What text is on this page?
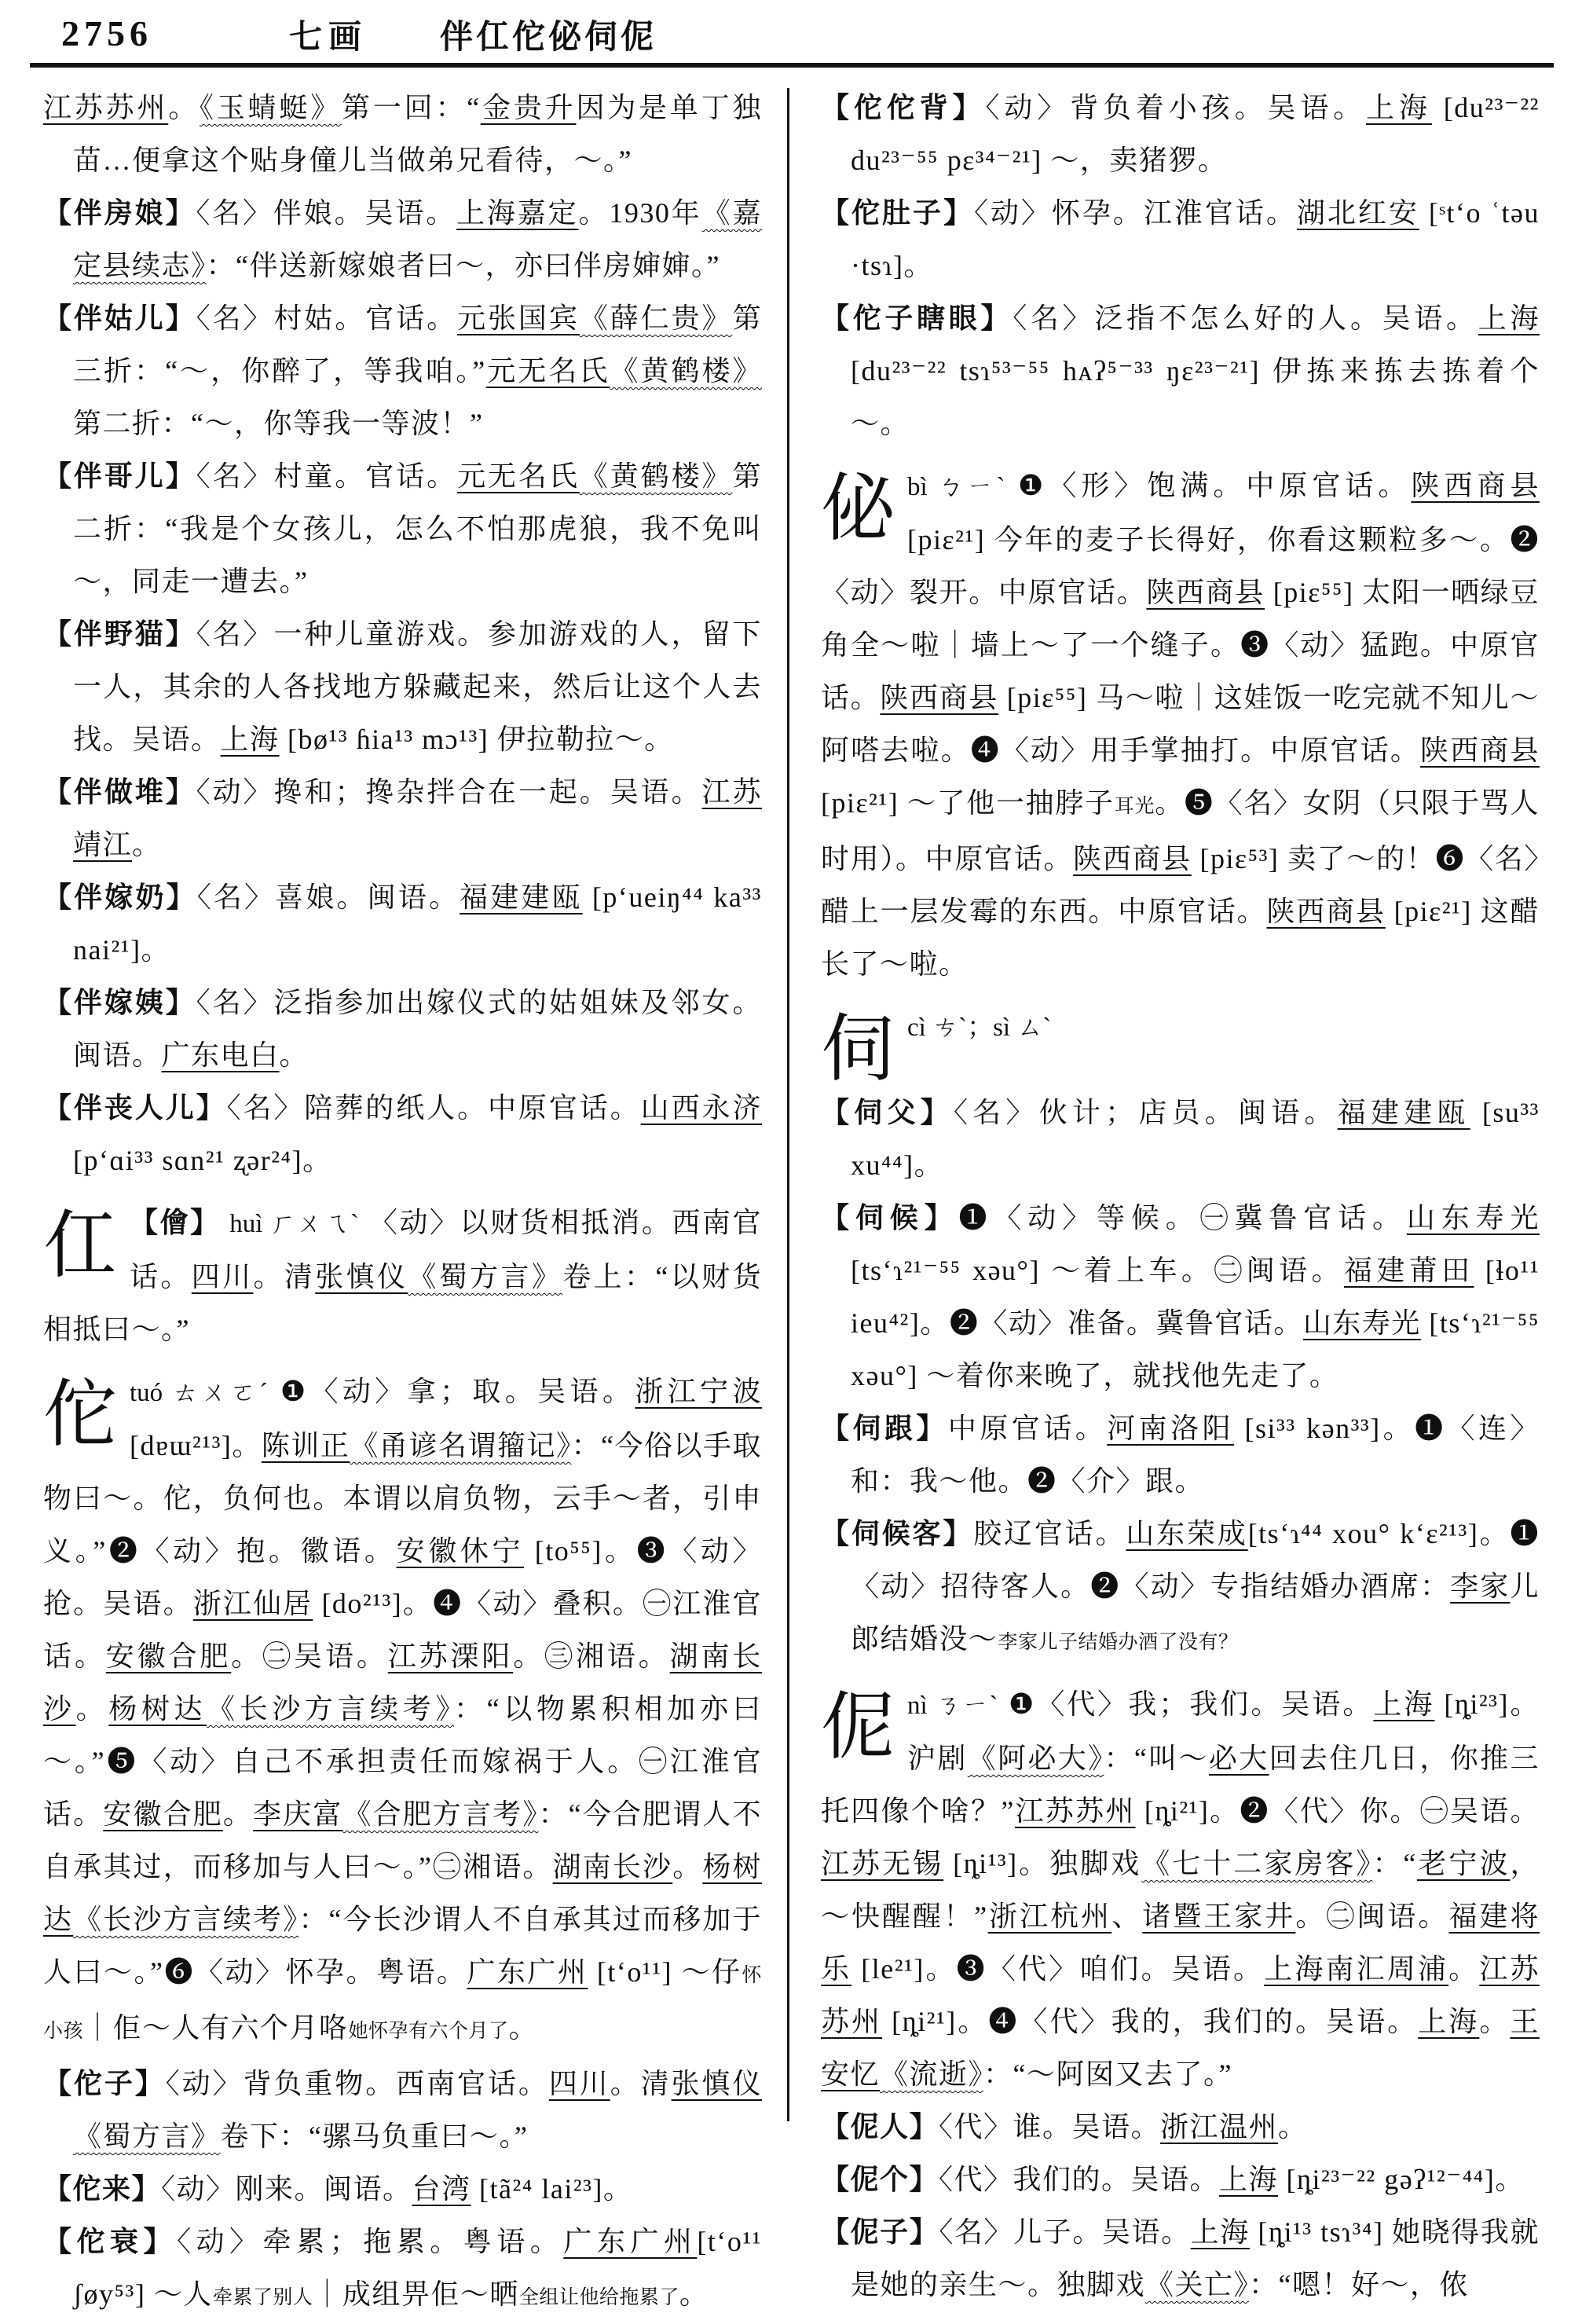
2756	七画 伴仜佗佖伺伲

江苏苏州。《玉蜻蜓》第一回：“金贵升因为是单丁独苗…便拿这个贴身僮儿当做弟兄看待，～。”

【伴房娘】〈名〉伴娘。吴语。上海嘉定。1930年《嘉定县续志》：“伴送新嫁娘者曰～，亦曰伴房婶婶。”

【伴姑儿】〈名〉村姑。官话。元张国宾《薛仁贵》第三折：“～，你醉了，等我咱。”元无名氏《黄鹤楼》第二折：“～，你等我一等波！”

【伴哥儿】〈名〉村童。官话。元无名氏《黄鹤楼》第二折：“我是个女孩儿，怎么不怕那虎狼，我不免叫～，同走一遭去。”

【伴野猫】〈名〉一种儿童游戏。参加游戏的人，留下一人，其余的人各找地方躲藏起来，然后让这个人去找。吴语。上海 [bø¹³ ɦia¹³ mɔ¹³] 伊拉勒拉～。

【伴做堆】〈动〉搀和；搀杂拌合在一起。吴语。江苏靖江。

【伴嫁奶】〈名〉喜娘。闽语。福建建瓯 [pʻueiŋ⁴⁴ ka³³ nai²¹]。

【伴嫁姨】〈名〉泛指参加出嫁仪式的姑姐妹及邻女。闽语。广东电白。

【伴丧人儿】〈名〉陪葬的纸人。中原官话。山西永济 [pʻɑi³³ sɑn²¹ ʐər²⁴]。

仜 【儈】 huì ㄏㄨㄟˋ 〈动〉以财货相抵消。西南官话。四川。清张慎仪《蜀方言》卷上：“以财货相抵曰～。”

佗tuó ㄊㄨㄛˊ ❶〈动〉拿；取。吴语。浙江宁波[dɐɯ²¹³]。陈训正《甬谚名谓籀记》：“今俗以手取物曰～。佗，负何也。本谓以肩负物，云手～者，引申义。”❷〈动〉抱。徽语。安徽休宁 [to⁵⁵]。❸〈动〉抢。吴语。浙江仙居 [do²¹³]。❹〈动〉叠积。㊀江淮官话。安徽合肥。㊁吴语。江苏溧阳。㊂湘语。湖南长沙。杨树达《长沙方言续考》：“以物累积相加亦曰～。”❺〈动〉自己不承担责任而嫁祸于人。㊀江淮官话。安徽合肥。李庆富《合肥方言考》：“今合肥谓人不自承其过，而移加与人曰～。”㊁湘语。湖南长沙。杨树达《长沙方言续考》：“今长沙谓人不自承其过而移加于人曰～。”❻〈动〉怀孕。粤语。广东广州 [tʻo¹¹] ～仔怀小孩｜佢～人有六个月咯她怀孕有六个月了。

【佗子】〈动〉背负重物。西南官话。四川。清张慎仪《蜀方言》卷下：“骡马负重曰～。”

【佗来】〈动〉刚来。闽语。台湾 [tã²⁴ lai²³]。

【佗衰】〈动〉牵累；拖累。粤语。广东广州[tʻo¹¹ ʃøy⁵³] ～人牵累了别人｜成组畀佢～晒全组让他给拖累了。

【佗佗背】〈动〉背负着小孩。吴语。上海 [du²³⁻²² du²³⁻⁵⁵ pɛ³⁴⁻²¹] ～，卖猪猡。

【佗肚子】〈动〉怀孕。江淮官话。湖北红安 [ˢtʻo ʿtəu ·tsɿ]。

【佗子瞎眼】〈名〉泛指不怎么好的人。吴语。上海 [du²³⁻²² tsɿ⁵³⁻⁵⁵ hᴀʔ⁵⁻³³ ŋɛ²³⁻²¹] 伊拣来拣去拣着个～。

佖bì ㄅㄧˋ ❶〈形〉饱满。中原官话。陕西商县 [piɛ²¹] 今年的麦子长得好，你看这颗粒多～。❷〈动〉裂开。中原官话。陕西商县 [piɛ⁵⁵] 太阳一晒绿豆角全～啦｜墙上～了一个缝子。❸〈动〉猛跑。中原官话。陕西商县 [piɛ⁵⁵] 马～啦｜这娃饭一吃完就不知儿～阿嗒去啦。❹〈动〉用手掌抽打。中原官话。陕西商县 [piɛ²¹] ～了他一抽脖子耳光。❺〈名〉女阴（只限于骂人时用）。中原官话。陕西商县 [piɛ⁵³] 卖了～的！❻〈名〉醋上一层发霉的东西。中原官话。陕西商县 [piɛ²¹] 这醋长了～啦。

伺cì ㄘˋ；sì ㄙˋ

【伺父】〈名〉伙计；店员。闽语。福建建瓯 [su³³ xu⁴⁴]。

【伺候】❶〈动〉等候。㊀冀鲁官话。山东寿光[tsʻɿ²¹⁻⁵⁵ xəu°] ～着上车。㊁闽语。福建莆田 [ɬo¹¹ ieu⁴²]。❷〈动〉准备。冀鲁官话。山东寿光 [tsʻɿ²¹⁻⁵⁵ xəu°] ～着你来晚了，就找他先走了。

【伺跟】中原官话。河南洛阳 [si³³ kən³³]。❶〈连〉和：我～他。❷〈介〉跟。

【伺候客】胶辽官话。山东荣成[tsʻɿ⁴⁴ xou° kʻɛ²¹³]。❶〈动〉招待客人。❷〈动〉专指结婚办酒席：李家儿郎结婚没～李家儿子结婚办酒了没有？

伲nì ㄋㄧˋ ❶〈代〉我；我们。吴语。上海 [ȵi²³]。沪剧《阿必大》：“叫～必大回去住几日，你推三托四像个啥？”江苏苏州 [ȵi²¹]。❷〈代〉你。㊀吴语。江苏无锡 [ȵi¹³]。独脚戏《七十二家房客》：“老宁波，～快醒醒！”浙江杭州、诸暨王家井。㊁闽语。福建将乐 [le²¹]。❸〈代〉咱们。吴语。上海南汇周浦。江苏苏州 [ȵi²¹]。❹〈代〉我的，我们的。吴语。上海。王安忆《流逝》：“～阿囡又去了。”

【伲人】〈代〉谁。吴语。浙江温州。

【伲个】〈代〉我们的。吴语。上海 [ȵi²³⁻²² gəʔ¹²⁻⁴⁴]。

【伲子】〈名〉儿子。吴语。上海 [ȵi¹³ tsɿ³⁴] 她晓得我就是她的亲生～。独脚戏《关亡》：“嗯！好～，侬
